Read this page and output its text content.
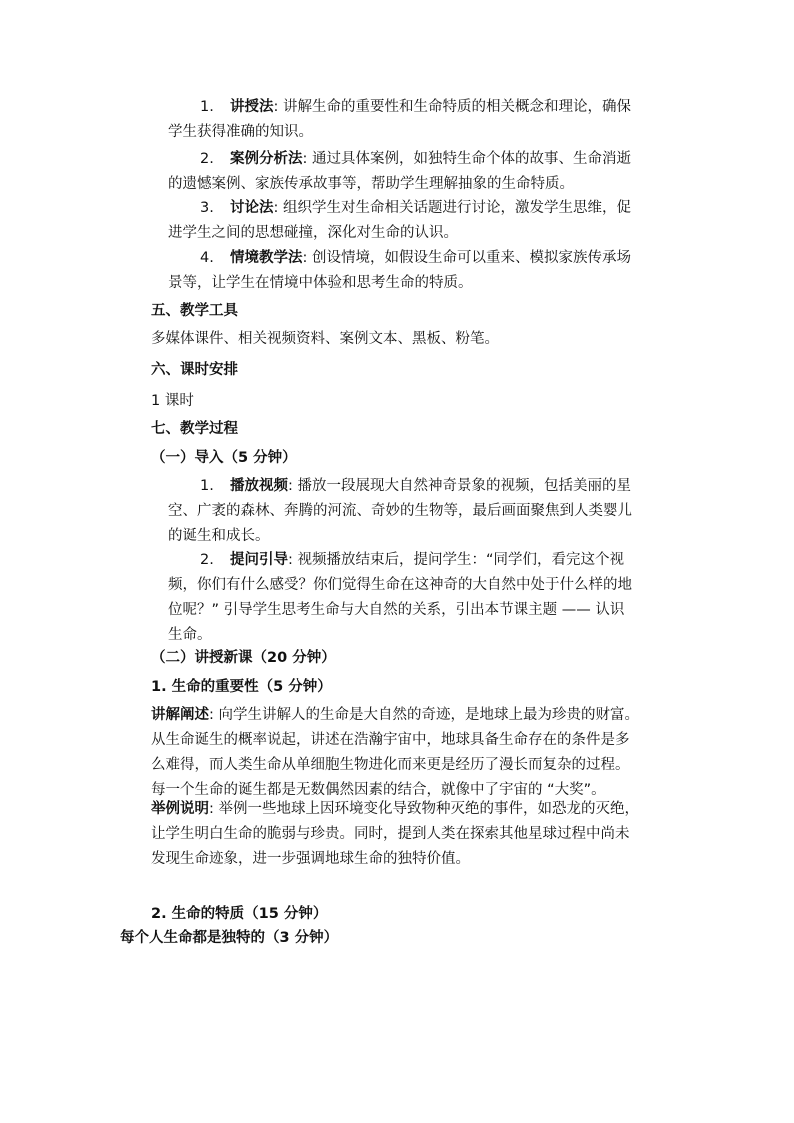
1. 讲授法: 讲解生命的重要性和生命特质的相关概念和理论，确保
学生获得准确的知识。
2. 案例分析法: 通过具体案例，如独特生命个体的故事、生命消逝
的遗憾案例、家族传承故事等，帮助学生理解抽象的生命特质。
3. 讨论法: 组织学生对生命相关话题进行讨论，激发学生思维，促
进学生之间的思想碰撞，深化对生命的认识。
4. 情境教学法: 创设情境，如假设生命可以重来、模拟家族传承场
景等，让学生在情境中体验和思考生命的特质。
五、教学工具
多媒体课件、相关视频资料、案例文本、黑板、粉笔。
六、课时安排
1 课时
七、教学过程
（一）导入（5 分钟）
1. 播放视频: 播放一段展现大自然神奇景象的视频，包括美丽的星
空、广袤的森林、奔腾的河流、奇妙的生物等，最后画面聚焦到人类婴儿
的诞生和成长。
2. 提问引导: 视频播放结束后，提问学生：“同学们，看完这个视
频，你们有什么感受？你们觉得生命在这神奇的大自然中处于什么样的地
位呢？” 引导学生思考生命与大自然的关系，引出本节课主题 —— 认识
生命。
（二）讲授新课（20 分钟）
1. 生命的重要性（5 分钟）
讲解阐述: 向学生讲解人的生命是大自然的奇迹，是地球上最为珍贵的财富。
从生命诞生的概率说起，讲述在浩瀚宇宙中，地球具备生命存在的条件是多
么难得，而人类生命从单细胞生物进化而来更是经历了漫长而复杂的过程。
每一个生命的诞生都是无数偶然因素的结合，就像中了宇宙的 “大奖”。
举例说明: 举例一些地球上因环境变化导致物种灭绝的事件，如恐龙的灭绝，
让学生明白生命的脆弱与珍贵。同时，提到人类在探索其他星球过程中尚未
发现生命迹象，进一步强调地球生命的独特价值。
2. 生命的特质（15 分钟）
每个人生命都是独特的（3 分钟）
